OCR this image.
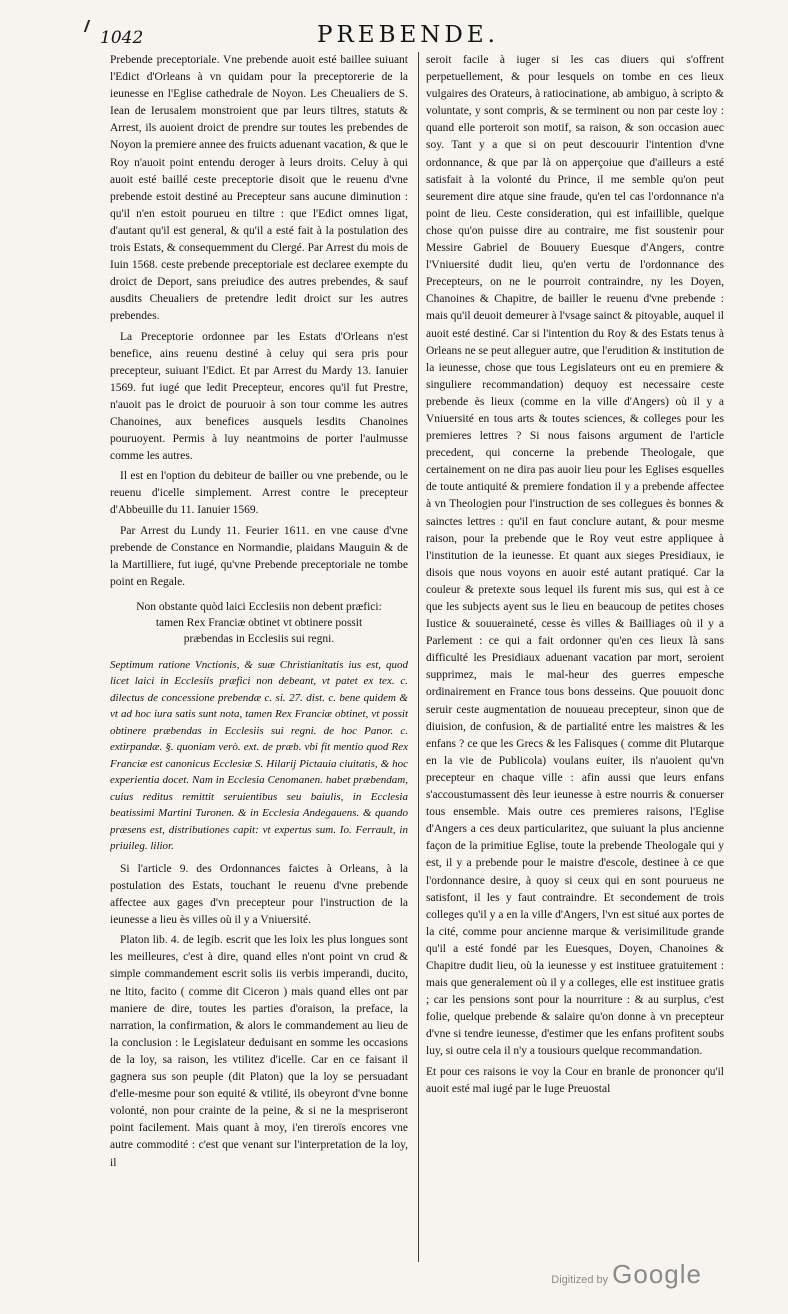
1042	PREBENDE.

Prebende preceptoriale. Vne prebende auoit esté baillee suiuant l'Edict d'Orleans à vn quidam pour la preceptorerie de la ieunesse en l'Eglise cathedrale de Noyon. Les Cheualiers de S. Iean de Ierusalem monstroient que par leurs tiltres, statuts & Arrest, ils auoient droict de prendre sur toutes les prebendes de Noyon la premiere annee des fruicts aduenant vacation, & que le Roy n'auoit point entendu deroger à leurs droits. Celuy à qui auoit esté baillé ceste preceptorie disoit que le reuenu d'vne prebende estoit destiné au Precepteur sans aucune diminution : qu'il n'en estoit pourueu en tiltre : que l'Edict omnes ligat, d'autant qu'il est general, & qu'il a esté fait à la postulation des trois Estats, & consequemment du Clergé. Par Arrest du mois de Iuin 1568. ceste prebende preceptoriale est declaree exempte du droict de Deport, sans preiudice des autres prebendes, & sauf ausdits Cheualiers de pretendre ledit droict sur les autres prebendes.

La Preceptorie ordonnee par les Estats d'Orleans n'est benefice, ains reuenu destiné à celuy qui sera pris pour precepteur, suiuant l'Edict. Et par Arrest du Mardy 13. Ianuier 1569. fut iugé que ledit Precepteur, encores qu'il fut Prestre, n'auoit pas le droict de pouruoir à son tour comme les autres Chanoines, aux benefices ausquels lesdits Chanoines pouruoyent. Permis à luy neantmoins de porter l'aulmusse comme les autres.

Il est en l'option du debiteur de bailler ou vne prebende, ou le reuenu d'icelle simplement. Arrest contre le precepteur d'Abbeuille du 11. Ianuier 1569.

Par Arrest du Lundy 11. Feurier 1611. en vne cause d'vne prebende de Constance en Normandie, plaidans Mauguin & de la Martilliere, fut iugé, qu'vne Prebende preceptoriale ne tombe point en Regale.

Non obstante quòd laici Ecclesiis non debent præfici:
tamen Rex Franciæ obtinet vt obtinere possit
præbendas in Ecclesiis sui regni.

Septimum ratione Vnctionis, & suæ Christianitatis ius est, quod licet laici in Ecclesiis præfici non debeant, vt patet ex tex. c. dilectus de concessione prebendæ c. si. 27. dist. c. bene quidem & vt ad hoc iura satis sunt nota, tamen Rex Franciæ obtinet, vt possit obtinere præbendas in Ecclesiis sui regni. de hoc Panor. c. extirpandæ. §. quoniam verò. ext. de præb. vbi fit mentio quod Rex Franciæ est canonicus Ecclesiæ S. Hilarij Pictauia ciuitatis, & hoc experientia docet. Nam in Ecclesia Cenomanen. habet præbendam, cuius reditus remittit seruientibus seu baiulis, in Ecclesia beatissimi Martini Turonen. & in Ecclesia Andegauens. & quando præsens est, distributiones capit: vt expertus sum. Io. Ferrault, in priuileg. lilior.

Si l'article 9. des Ordonnances faictes à Orleans, à la postulation des Estats, touchant le reuenu d'vne prebende affectee aux gages d'vn precepteur pour l'instruction de la ieunesse a lieu ès villes où il y a Vniuersité.

Platon lib. 4. de legib. escrit que les loix les plus longues sont les meilleures, c'est à dire, quand elles n'ont point vn crud & simple commandement escrit solis iis verbis imperandi, ducito, ne ltito, facito ( comme dit Ciceron ) mais quand elles ont par maniere de dire, toutes les parties d'oraison, la preface, la narration, la confirmation, & alors le commandement au lieu de la conclusion : le Legislateur deduisant en somme les occasions de la loy, sa raison, les vtilitez d'icelle. Car en ce faisant il gagnera sus son peuple (dit Platon) que la loy se persuadant d'elle-mesme pour son equité & vtilité, ils obeyront d'vne bonne volonté, non pour crainte de la peine, & si ne la mespriseront point facilement. Mais quant à moy, i'en tireroïs encores vne autre commodité : c'est que venant sur l'interpretation de la loy, il

seroit facile à iuger si les cas diuers qui s'offrent perpetuellement, & pour lesquels on tombe en ces lieux vulgaires des Orateurs, à ratiocinatione, ab ambiguo, à scripto & voluntate, y sont compris, & se terminent ou non par ceste loy : quand elle porteroit son motif, sa raison, & son occasion auec soy. Tant y a que si on peut descouurir l'intention d'vne ordonnance, & que par là on apperçoiue que d'ailleurs a esté satisfait à la volonté du Prince, il me semble qu'on peut seurement dire atque sine fraude, qu'en tel cas l'ordonnance n'a point de lieu. Ceste consideration, qui est infaillible, quelque chose qu'on puisse dire au contraire, me fist soustenir pour Messire Gabriel de Bouuery Euesque d'Angers, contre l'Vniuersité dudit lieu, qu'en vertu de l'ordonnance des Precepteurs, on ne le pourroit contraindre, ny les Doyen, Chanoines & Chapitre, de bailler le reuenu d'vne prebende : mais qu'il deuoit demeurer à l'vsage sainct & pitoyable, auquel il auoit esté destiné. Car si l'intention du Roy & des Estats tenus à Orleans ne se peut alleguer autre, que l'erudition & institution de la ieunesse, chose que tous Legislateurs ont eu en premiere & singuliere recommandation) dequoy est necessaire ceste prebende ès lieux (comme en la ville d'Angers) où il y a Vniuersité en tous arts & toutes sciences, & colleges pour les premieres lettres ? Si nous faisons argument de l'article precedent, qui concerne la prebende Theologale, que certainement on ne dira pas auoir lieu pour les Eglises esquelles de toute antiquité & premiere fondation il y a prebende affectee à vn Theologien pour l'instruction de ses collegues ès bonnes & sainctes lettres : qu'il en faut conclure autant, & pour mesme raison, pour la prebende que le Roy veut estre appliquee à l'institution de la ieunesse. Et quant aux sieges Presidiaux, ie disois que nous voyons en auoir esté autant pratiqué. Car la couleur & pretexte sous lequel ils furent mis sus, qui est à ce que les subjects ayent sus le lieu en beaucoup de petites choses Iustice & souueraineté, cesse ès villes & Bailliages où il y a Parlement : ce qui a fait ordonner qu'en ces lieux là sans difficulté les Presidiaux aduenant vacation par mort, seroient supprimez, mais le mal-heur des guerres empesche ordinairement en France tous bons desseins. Que pouuoit donc seruir ceste augmentation de nouueau precepteur, sinon que de diuision, de confusion, & de partialité entre les maistres & les enfans ? ce que les Grecs & les Falisques ( comme dit Plutarque en la vie de Publicola) voulans euiter, ils n'auoient qu'vn precepteur en chaque ville : afin aussi que leurs enfans s'accoustumassent dès leur ieunesse à estre nourris & conuerser tous ensemble. Mais outre ces premieres raisons, l'Eglise d'Angers a ces deux particularitez, que suiuant la plus ancienne façon de la primitiue Eglise, toute la prebende Theologale qui y est, il y a prebende pour le maistre d'escole, destinee à ce que l'ordonnance desire, à quoy si ceux qui en sont pourueus ne satisfont, il les y faut contraindre. Et secondement de trois colleges qu'il y a en la ville d'Angers, l'vn est situé aux portes de la cité, comme pour ancienne marque & verisimilitude grande qu'il a esté fondé par les Euesques, Doyen, Chanoines & Chapitre dudit lieu, où la ieunesse y est instituee gratuitement : mais que generalement où il y a colleges, elle est instituee gratis ; car les pensions sont pour la nourriture : & au surplus, c'est folie, quelque prebende & salaire qu'on donne à vn precepteur d'vne si tendre ieunesse, d'estimer que les enfans profitent soubs luy, si outre cela il n'y a tousiours quelque recommandation.

Et pour ces raisons ie voy la Cour en branle de prononcer qu'il auoit esté mal iugé par le Iuge Preuostal

Digitized by Google
